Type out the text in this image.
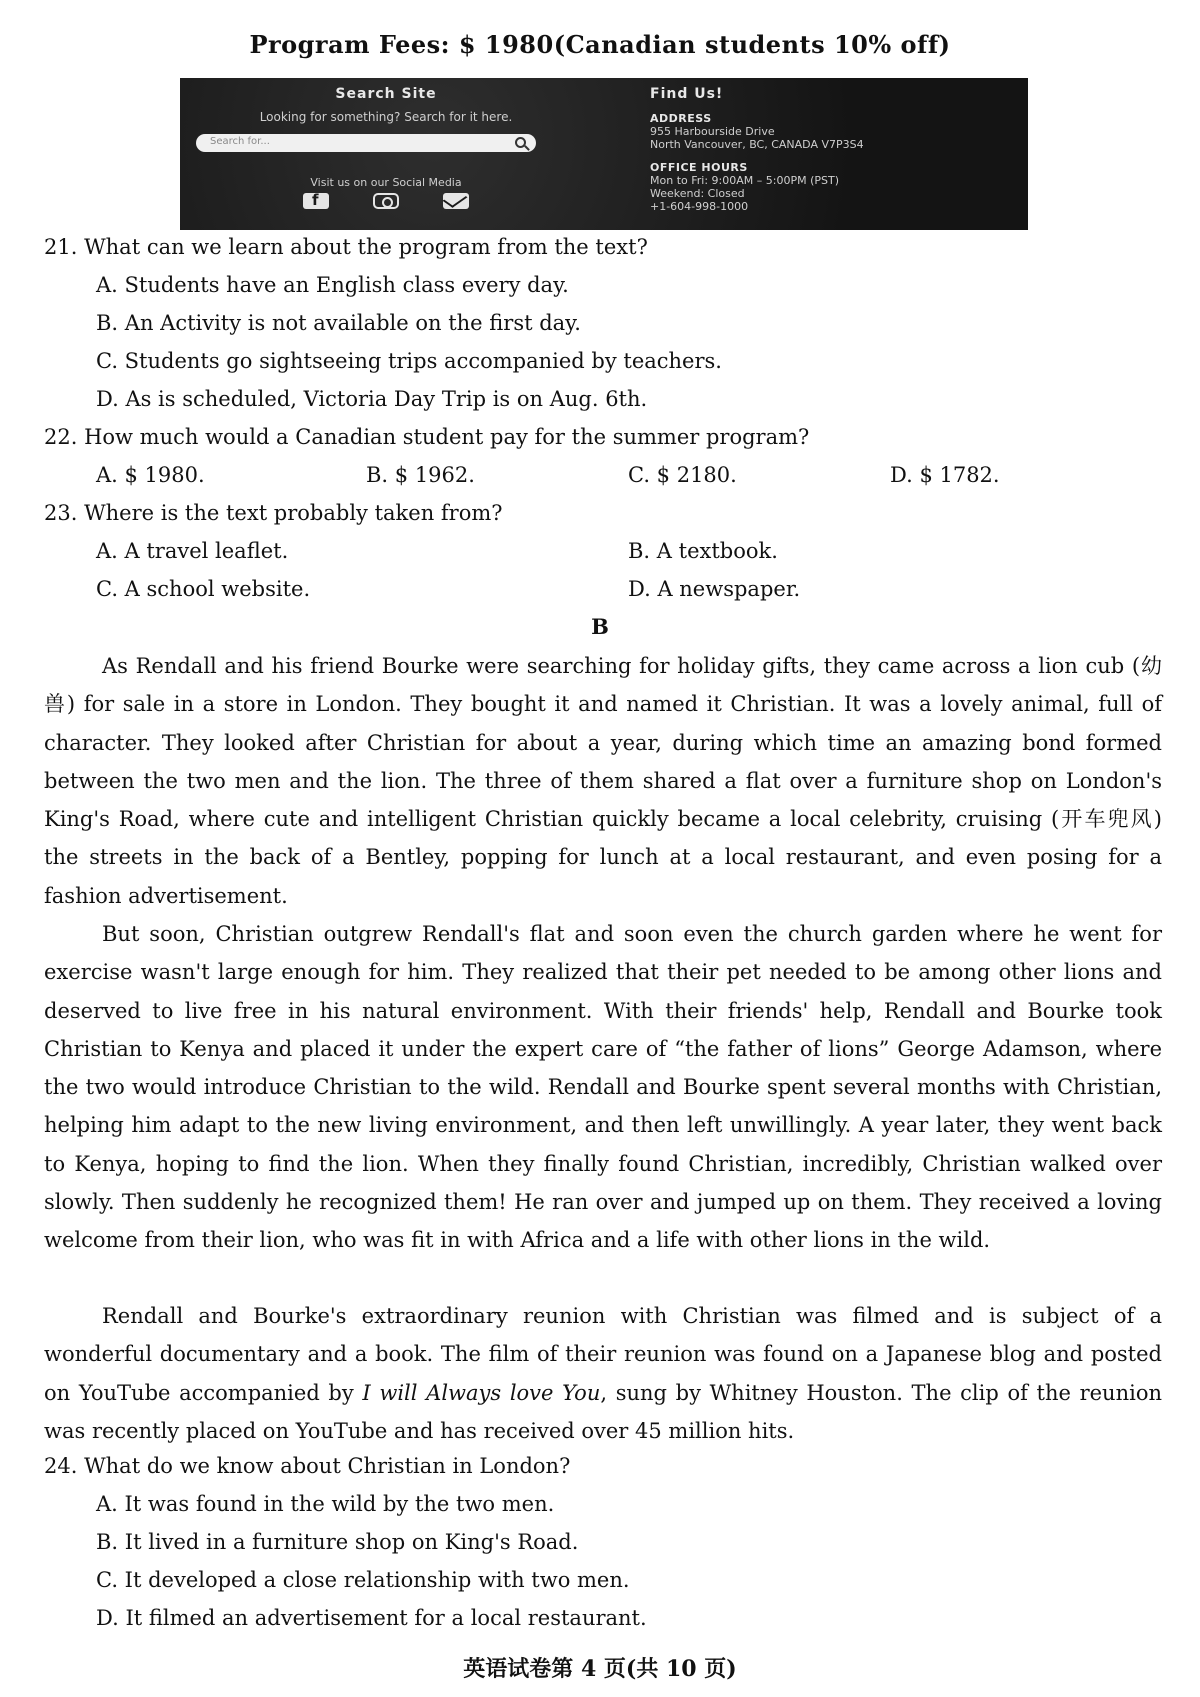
Program Fees: $ 1980(Canadian students 10% off)
Search Site
Looking for something? Search for it here.
Search for...
Visit us on our Social Media
f
Find Us!
ADDRESS
955 Harbourside Drive
North Vancouver, BC, CANADA V7P3S4
OFFICE HOURS
Mon to Fri: 9:00AM – 5:00PM (PST)
Weekend: Closed
+1-604-998-1000
21. What can we learn about the program from the text?
A. Students have an English class every day.
B. An Activity is not available on the first day.
C. Students go sightseeing trips accompanied by teachers.
D. As is scheduled, Victoria Day Trip is on Aug. 6th.
22. How much would a Canadian student pay for the summer program?
A. $ 1980.	B. $ 1962.	C. $ 2180.	D. $ 1782.
23. Where is the text probably taken from?
A. A travel leaflet.	B. A textbook.
C. A school website.	D. A newspaper.
B
As Rendall and his friend Bourke were searching for holiday gifts, they came across a lion cub (幼兽) for sale in a store in London. They bought it and named it Christian. It was a lovely animal, full of character. They looked after Christian for about a year, during which time an amazing bond formed between the two men and the lion. The three of them shared a flat over a furniture shop on London's King's Road, where cute and intelligent Christian quickly became a local celebrity, cruising (开车兜风) the streets in the back of a Bentley, popping for lunch at a local restaurant, and even posing for a fashion advertisement.
But soon, Christian outgrew Rendall's flat and soon even the church garden where he went for exercise wasn't large enough for him. They realized that their pet needed to be among other lions and deserved to live free in his natural environment. With their friends' help, Rendall and Bourke took Christian to Kenya and placed it under the expert care of “the father of lions” George Adamson, where the two would introduce Christian to the wild. Rendall and Bourke spent several months with Christian, helping him adapt to the new living environment, and then left unwillingly. A year later, they went back to Kenya, hoping to find the lion. When they finally found Christian, incredibly, Christian walked over slowly. Then suddenly he recognized them! He ran over and jumped up on them. They received a loving welcome from their lion, who was fit in with Africa and a life with other lions in the wild.
Rendall and Bourke's extraordinary reunion with Christian was filmed and is subject of a wonderful documentary and a book. The film of their reunion was found on a Japanese blog and posted on YouTube accompanied by I will Always love You, sung by Whitney Houston. The clip of the reunion was recently placed on YouTube and has received over 45 million hits.
24. What do we know about Christian in London?
A. It was found in the wild by the two men.
B. It lived in a furniture shop on King's Road.
C. It developed a close relationship with two men.
D. It filmed an advertisement for a local restaurant.
英语试卷第 4 页(共 10 页)
